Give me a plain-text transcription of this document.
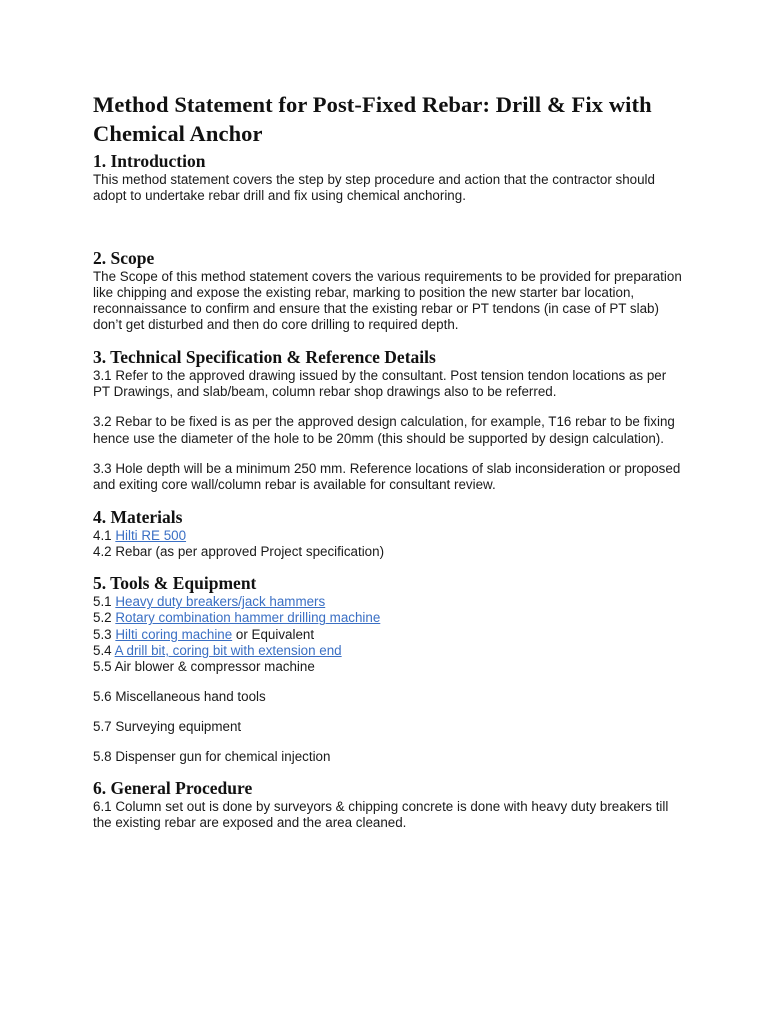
Method Statement for Post-Fixed Rebar: Drill & Fix with Chemical Anchor
1. Introduction

This method statement covers the step by step procedure and action that the contractor should adopt to undertake rebar drill and fix using chemical anchoring.

2. Scope

The Scope of this method statement covers the various requirements to be provided for preparation like chipping and expose the existing rebar, marking to position the new starter bar location, reconnaissance to confirm and ensure that the existing rebar or PT tendons (in case of PT slab) don’t get disturbed and then do core drilling to required depth.

3. Technical Specification & Reference Details

3.1 Refer to the approved drawing issued by the consultant. Post tension tendon locations as per PT Drawings, and slab/beam, column rebar shop drawings also to be referred.

3.2 Rebar to be fixed is as per the approved design calculation, for example, T16 rebar to be fixing hence use the diameter of the hole to be 20mm (this should be supported by design calculation).

3.3 Hole depth will be a minimum 250 mm. Reference locations of slab inconsideration or proposed and exiting core wall/column rebar is available for consultant review.

4. Materials
4.1 Hilti RE 500
4.2 Rebar (as per approved Project specification)
5. Tools & Equipment
5.1 Heavy duty breakers/jack hammers
5.2 Rotary combination hammer drilling machine
5.3 Hilti coring machine or Equivalent
5.4 A drill bit, coring bit with extension end
5.5 Air blower & compressor machine
5.6 Miscellaneous hand tools
5.7 Surveying equipment
5.8 Dispenser gun for chemical injection
6. General Procedure

6.1 Column set out is done by surveyors & chipping concrete is done with heavy duty breakers till the existing rebar are exposed and the area cleaned.
